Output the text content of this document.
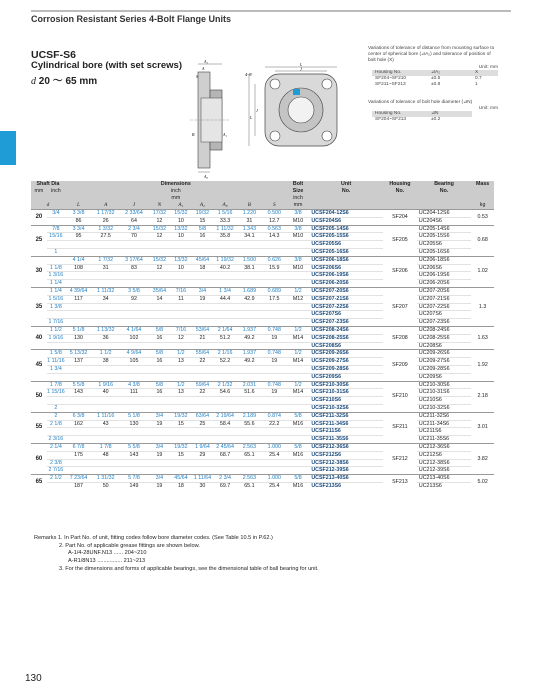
Corrosion Resistant Series 4-Bolt Flange Units
UCSF-S6
Cylindrical bore (with set screws)
d 20 ～ 65 mm
A₂
A
S
A₀
B	A₁
4-N
L
J
J
L
Variations of tolerance of distance from mounting surface to center of spherical bore (⊿A₂) and tolerance of position of bolt hole (X)
Unit: mm
Housing No.	⊿A₂	X
SF204~SF210	±0.5	0.7
SF211~SF213	±0.8	1
Variations of tolerance of bolt hole diameter (⊿N)
Unit: mm
Housing No.	⊿N
SF204~SF213	±0.2
Shaft Dia		Dimensions									Bolt	Unit	Housing	Bearing	Mass
mm	inch	inch									Size	No.	No.	No.	
		mm									inch				
d		L	A	J	N	A₁	A₂	A₀	B	S	mm				kg
20	3/4	3 3/8	1 17/32	2 33/64	17/32	15/32	19/32	1 5/16	1.220	0.500	3/8	UCSF204-12S6	SF204	UC204-12S6	0.53
		86	26	64	12	10	15	33.3	31	12.7	M10	UCSF204S6		UC204S6	
25	7/8	3 3/4	1 3/32	2 3/4	15/32	13/32	5/8	1 11/32	1.343	0.563	3/8	UCSF205-14S6	SF205	UC205-14S6	0.68
	15/16	95	27.5	70	12	10	16	35.8	34.1	14.3	M10	UCSF205-15S6		UC205-15S6	
												UCSF205S6		UC205S6	
	1											UCSF205-16S6		UC205-16S6	
30		4 1/4	1 7/32	3 17/64	15/32	13/32	45/64	1 19/32	1.500	0.626	3/8	UCSF206-18S6	SF206	UC206-18S6	1.02
	1 1/8	108	31	83	12	10	18	40.2	38.1	15.9	M10	UCSF206S6		UC206S6	
	1 3/16											UCSF206-19S6		UC206-19S6	
	1 1/4											UCSF206-20S6		UC206-20S6	
35	1 1/4	4 39/64	1 11/32	3 5/8	35/64	7/16	3/4	1 3/4	1.689	0.689	1/2	UCSF207-20S6	SF207	UC207-20S6	1.3
	1 5/16	117	34	92	14	11	19	44.4	42.9	17.5	M12	UCSF207-21S6		UC207-21S6	
	1 3/8											UCSF207-22S6		UC207-22S6	
												UCSF207S6		UC207S6	
	1 7/16											UCSF207-23S6		UC207-23S6	
40	1 1/2	5 1/8	1 13/32	4 1/64	5/8	7/16	53/64	2 1/64	1.937	0.748	1/2	UCSF208-24S6	SF208	UC208-24S6	1.63
	1 9/16	130	36	102	16	12	21	51.2	49.2	19	M14	UCSF208-25S6		UC208-25S6	
												UCSF208S6		UC208S6	
45	1 5/8	5 13/32	1 1/2	4 9/64	5/8	1/2	55/64	2 1/16	1.937	0.748	1/2	UCSF209-26S6	SF209	UC209-26S6	1.92
	1 11/16	137	38	105	16	13	22	52.2	49.2	19	M14	UCSF209-27S6		UC209-27S6	
	1 3/4											UCSF209-28S6		UC209-28S6	
												UCSF209S6		UC209S6	
50	1 7/8	5 5/8	1 9/16	4 3/8	5/8	1/2	59/64	2 1/32	2.031	0.748	1/2	UCSF210-30S6	SF210	UC210-30S6	2.18
	1 15/16	143	40	111	16	13	22	54.6	51.6	19	M14	UCSF210-31S6		UC210-31S6	
												UCSF210S6		UC210S6	
	2											UCSF210-32S6		UC210-32S6	
55	2	6 3/8	1 11/16	5 1/8	3/4	19/32	63/64	2 19/64	2.189	0.874	5/8	UCSF211-32S6	SF211	UC211-32S6	3.01
	2 1/8	162	43	130	19	15	25	58.4	55.6	22.2	M16	UCSF211-34S6		UC211-34S6	
												UCSF211S6		UC211S6	
	2 3/16											UCSF211-35S6		UC211-35S6	
60	2 1/4	6 7/8	1 7/8	5 5/8	3/4	19/32	1 9/64	2 45/64	2.563	1.000	5/8	UCSF212-36S6	SF212	UC212-36S6	3.82
		175	48	143	19	15	29	68.7	65.1	25.4	M16	UCSF212S6		UC212S6	
	2 3/8											UCSF212-38S6		UC212-38S6	
	2 7/16											UCSF212-39S6		UC212-39S6	
65	2 1/2	7 23/64	1 31/32	5 7/8	3/4	45/64	1 11/64	2 3/4	2.563	1.000	5/8	UCSF213-40S6	SF213	UC213-40S6	5.02
		187	50	149	19	18	30	69.7	65.1	25.4	M16	UCSF213S6		UC213S6	
Remarks 1. In Part No. of unit, fitting codes follow bore diameter codes. (See Table 10.5 in P.62.)
2. Part No. of applicable grease fittings are shown below.
A-1/4-28UNF.N13 ...... 204~210
A-R1/8N13 ................ 211~213
3. For the dimensions and forms of applicable bearings, see the dimensional table of ball bearing for unit.
130
